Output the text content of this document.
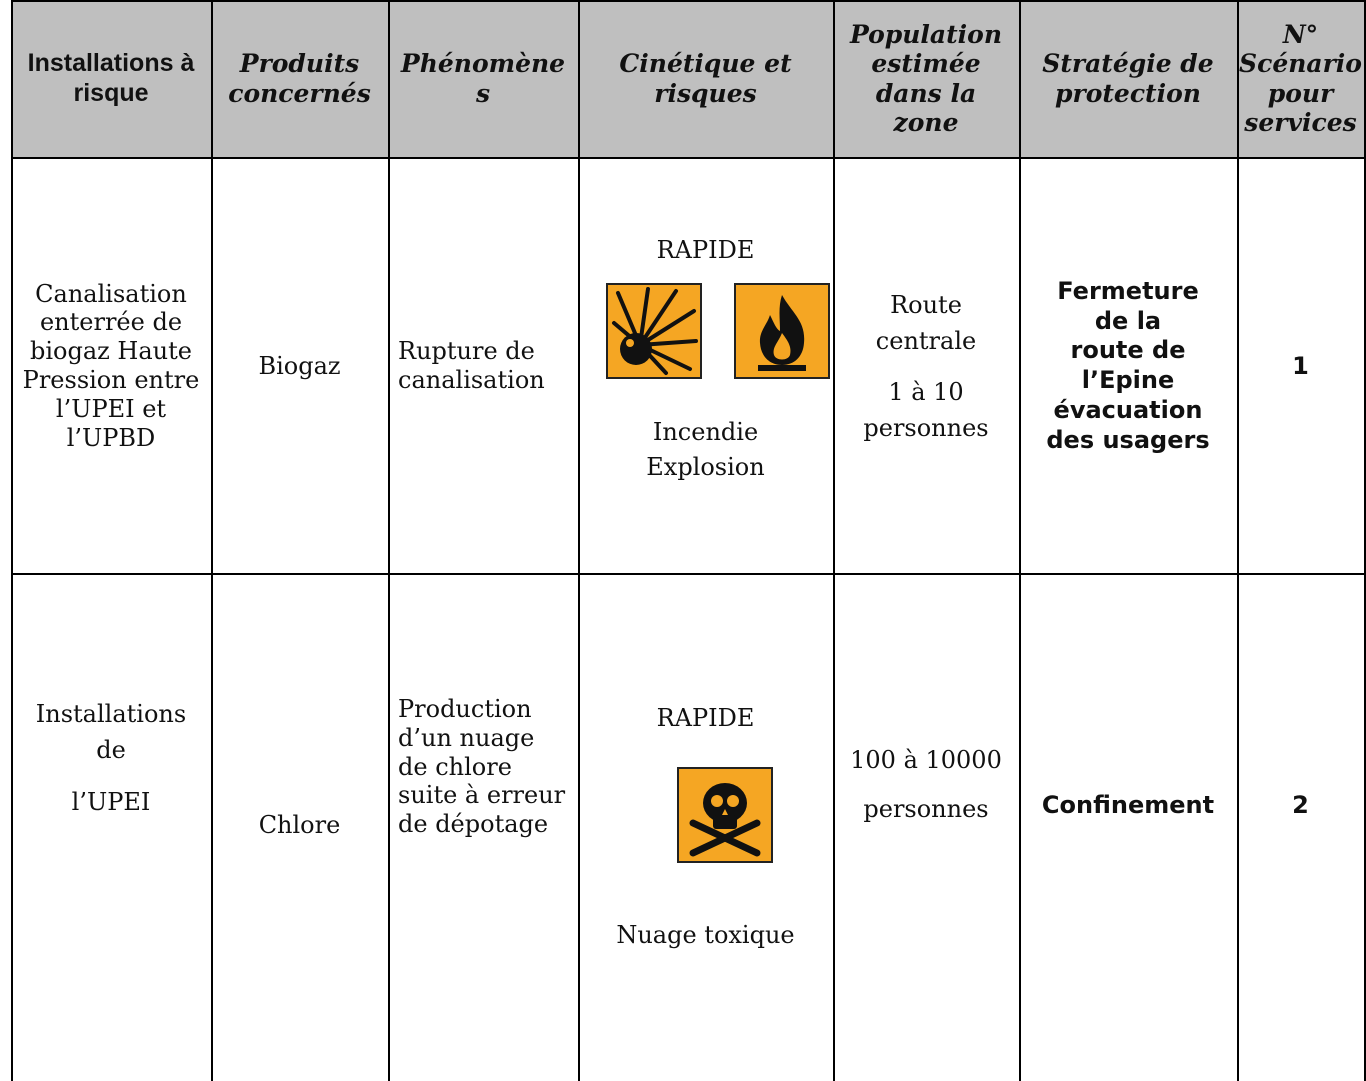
Installations à risque
Produits concernés
Phénomène
s
Cinétique et risques
Population estimée dans la zone
Stratégie de protection
N° Scénario pour services
Canalisation
enterrée de
biogaz Haute
Pression entre
l’UPEI et
l’UPBD
Biogaz
Rupture de
canalisation
RAPIDE
Incendie
Explosion
Route
centrale
1 à 10
personnes
Fermeture
de la
route de
l’Epine
évacuation
des usagers
1
Installations
de
l’UPEI
Chlore
Production
d’un nuage
de chlore
suite à erreur
de dépotage
RAPIDE
Nuage toxique
100 à 10000
personnes Confinement	2
